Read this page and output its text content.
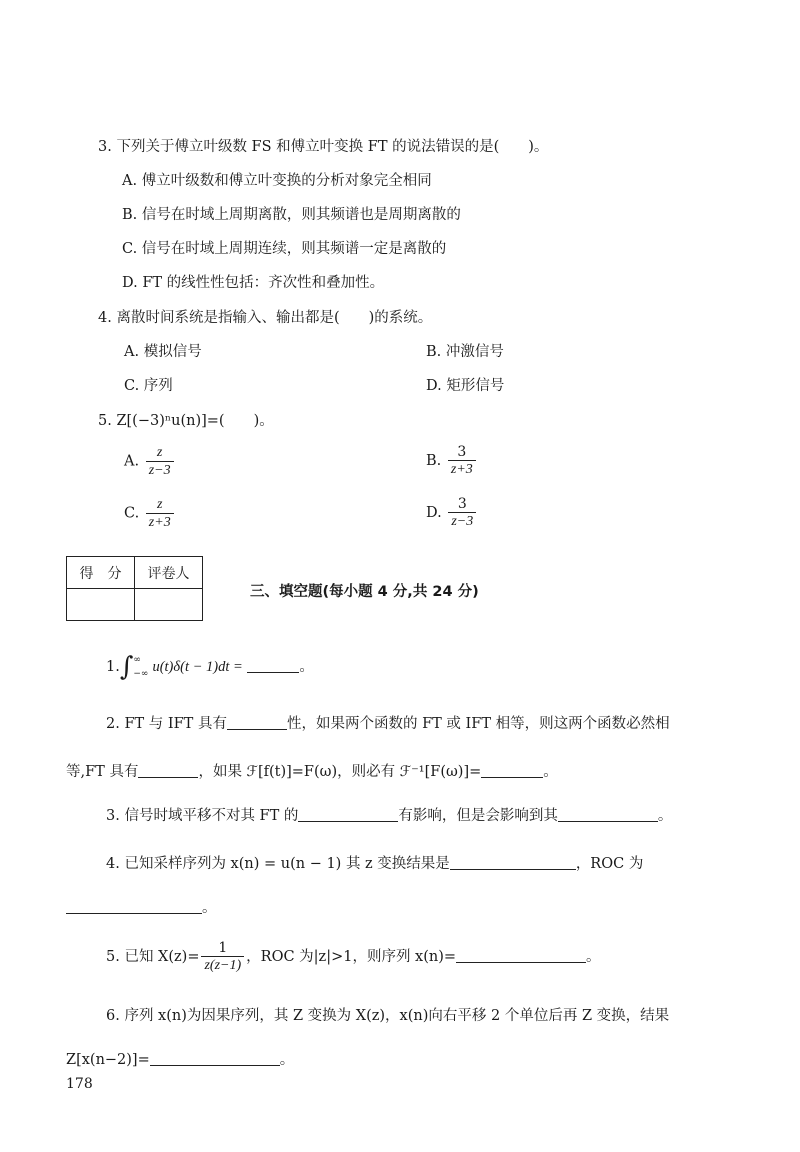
3. 下列关于傅立叶级数 FS 和傅立叶变换 FT 的说法错误的是(　　)。
A. 傅立叶级数和傅立叶变换的分析对象完全相同
B. 信号在时域上周期离散，则其频谱也是周期离散的
C. 信号在时域上周期连续，则其频谱一定是离散的
D. FT 的线性性包括：齐次性和叠加性。
4. 离散时间系统是指输入、输出都是(　　)的系统。
A. 模拟信号	B. 冲激信号
C. 序列	D. 矩形信号
5. Z[(−3)ⁿu(n)]=(　　)。
A. $\frac{z}{z-3}$	B. $\frac{3}{z+3}$
C. $\frac{z}{z+3}$	D. $\frac{3}{z-3}$
得　分	评卷人

三、填空题(每小题 4 分,共 24 分)
1.∫ ∞
−∞ u(t)δ(t − 1)dt =	。
2. FT 与 IFT 具有	性，如果两个函数的 FT 或 IFT 相等，则这两个函数必然相
等,FT 具有	，如果 ℱ[f(t)]=F(ω)，则必有 ℱ⁻¹[F(ω)]=	。
3. 信号时域平移不对其 FT 的	有影响，但是会影响到其	。
4. 已知采样序列为 x(n) = u(n − 1) 其 z 变换结果是	，ROC 为
。
5. 已知 $X(z)= \frac{1}{z(z-1)}$ ，ROC 为|z|>1，则序列 x(n)=	。
6. 序列 x(n)为因果序列，其 Z 变换为 X(z)，x(n)向右平移 2 个单位后再 Z 变换，结果
Z[x(n−2)]=	。
178
